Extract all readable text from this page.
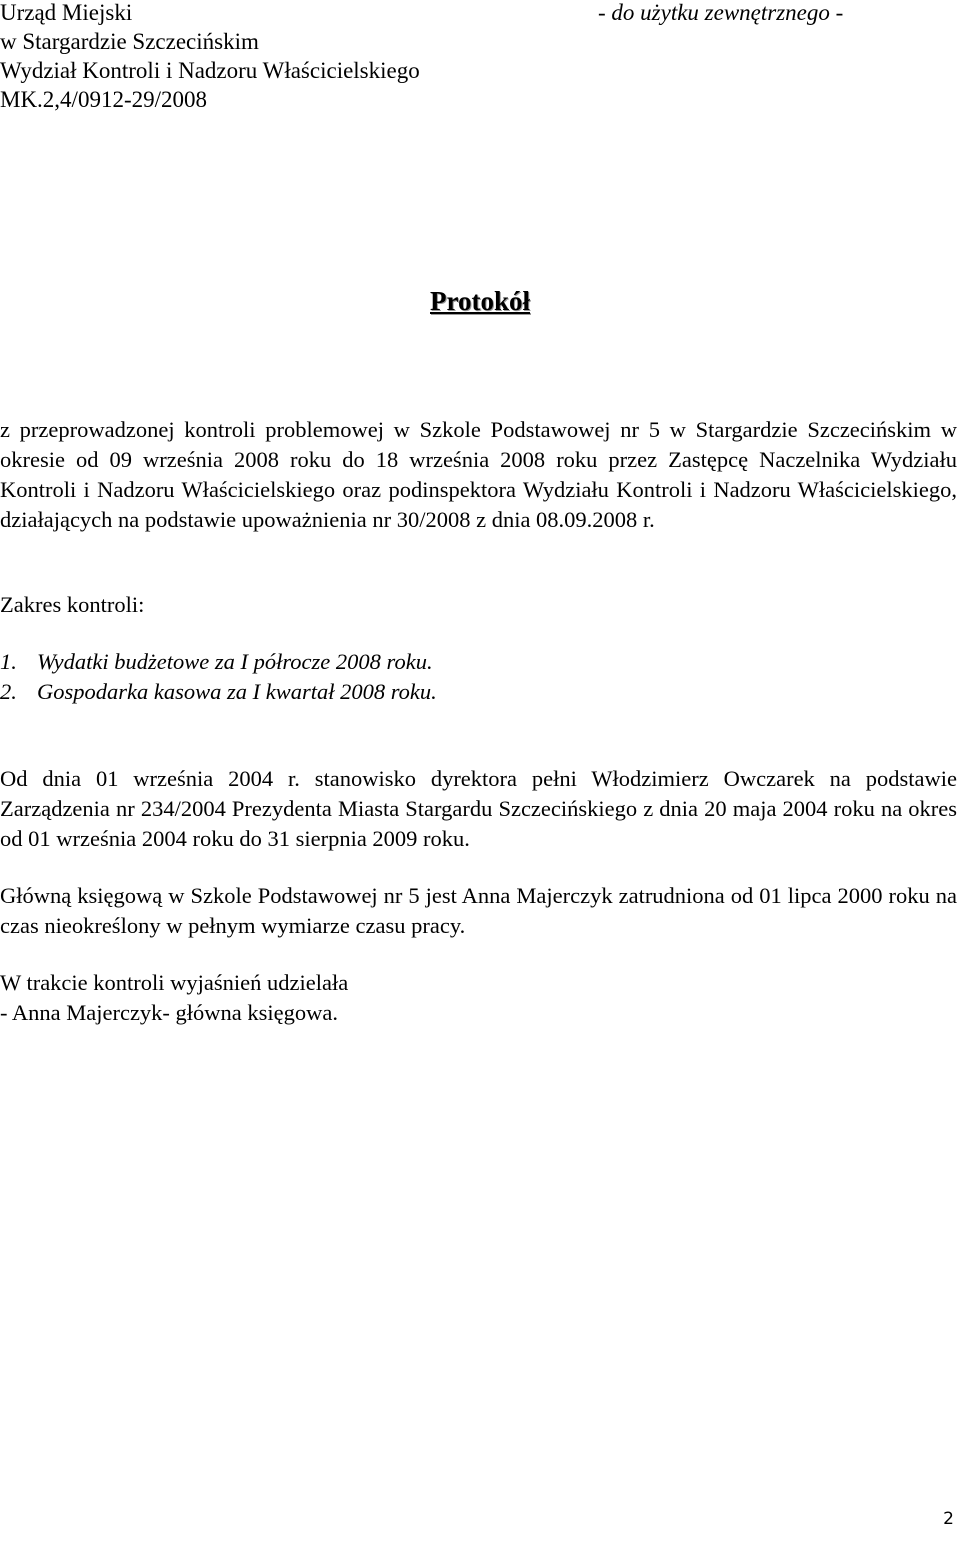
Urząd Miejski
w Stargardzie Szczecińskim
Wydział Kontroli i Nadzoru Właścicielskiego
MK.2,4/0912-29/2008
- do użytku zewnętrznego -
Protokół
z przeprowadzonej kontroli problemowej w Szkole Podstawowej nr 5 w Stargardzie Szczecińskim w okresie od 09 września 2008 roku do 18 września 2008 roku przez Zastępcę Naczelnika Wydziału Kontroli i Nadzoru Właścicielskiego oraz podinspektora Wydziału Kontroli i Nadzoru Właścicielskiego, działających na podstawie upoważnienia nr 30/2008 z dnia 08.09.2008 r.
Zakres kontroli:
1. Wydatki budżetowe za I półrocze 2008 roku.
2. Gospodarka kasowa za I kwartał 2008 roku.
Od dnia 01 września 2004 r. stanowisko dyrektora pełni Włodzimierz Owczarek na podstawie Zarządzenia nr 234/2004 Prezydenta Miasta Stargardu Szczecińskiego z dnia 20 maja 2004 roku na okres od 01 września 2004 roku do 31 sierpnia 2009 roku.
Główną księgową w Szkole Podstawowej nr 5 jest Anna Majerczyk zatrudniona od 01 lipca 2000 roku na czas nieokreślony w pełnym wymiarze czasu pracy.
W trakcie kontroli wyjaśnień udzielała
- Anna Majerczyk- główna księgowa.
2
